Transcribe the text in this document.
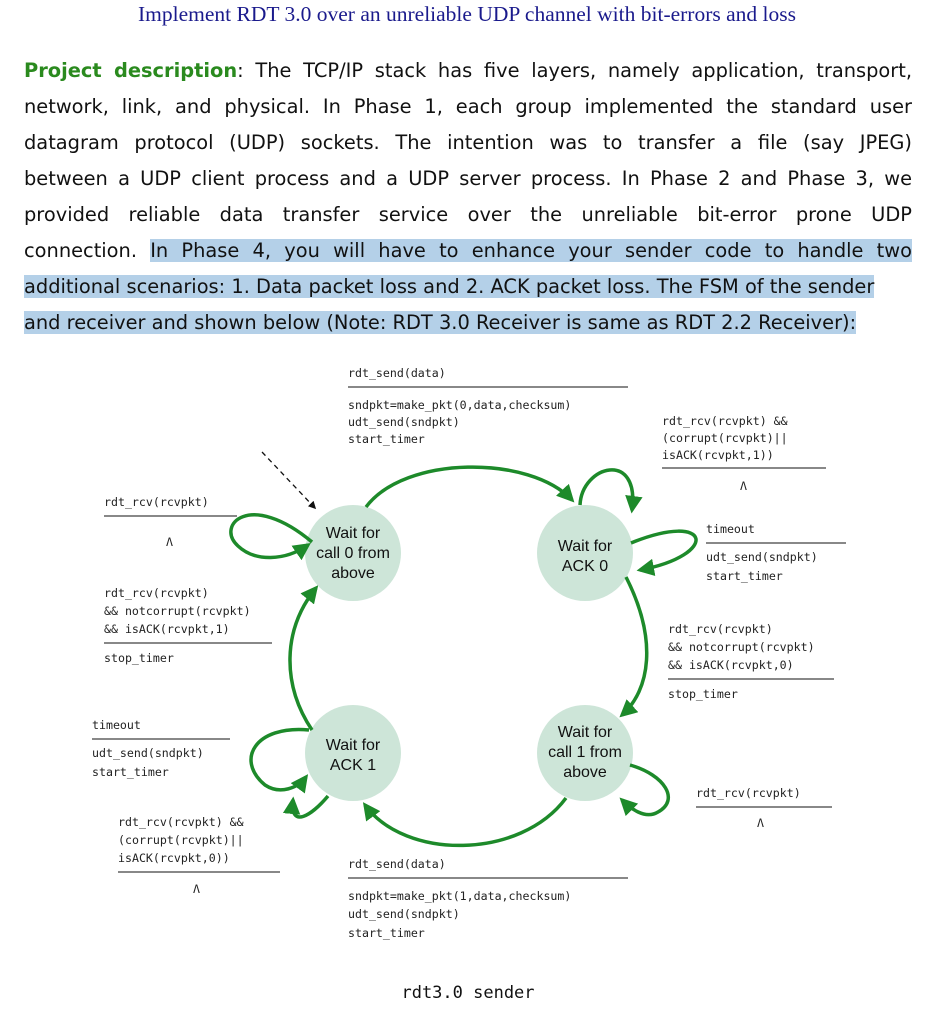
Implement RDT 3.0 over an unreliable UDP channel with bit-errors and loss
Project description: The TCP/IP stack has five layers, namely application, transport,
network, link, and physical. In Phase 1, each group implemented the standard user
datagram protocol (UDP) sockets. The intention was to transfer a file (say JPEG)
between a UDP client process and a UDP server process. In Phase 2 and Phase 3, we
provided reliable data transfer service over the unreliable bit-error prone UDP
connection. In Phase 4, you will have to enhance your sender code to handle two
additional scenarios: 1. Data packet loss and 2. ACK packet loss. The FSM of the sender
and receiver and shown below (Note: RDT 3.0 Receiver is same as RDT 2.2 Receiver):
Wait for
call 0 from
above
Wait for
ACK 0
Wait for
call 1 from
above
Wait for
ACK 1
rdt_send(data)
sndpkt=make_pkt(0,data,checksum)
udt_send(sndpkt)
start_timer
rdt_rcv(rcvpkt) &&
(corrupt(rcvpkt)||
isACK(rcvpkt,1))
Λ
rdt_rcv(rcvpkt)
Λ
timeout
udt_send(sndpkt)
start_timer
rdt_rcv(rcvpkt)
&& notcorrupt(rcvpkt)
&& isACK(rcvpkt,1)
stop_timer
rdt_rcv(rcvpkt)
&& notcorrupt(rcvpkt)
&& isACK(rcvpkt,0)
stop_timer
timeout
udt_send(sndpkt)
start_timer
rdt_rcv(rcvpkt)
Λ
rdt_rcv(rcvpkt) &&
(corrupt(rcvpkt)||
isACK(rcvpkt,0))
Λ
rdt_send(data)
sndpkt=make_pkt(1,data,checksum)
udt_send(sndpkt)
start_timer
rdt3.0 sender
